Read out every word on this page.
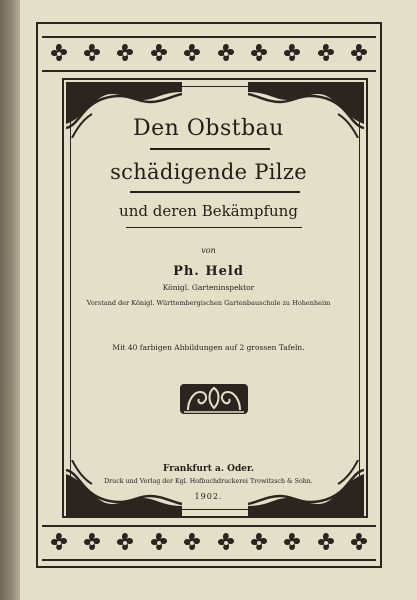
Den Obstbau
schädigende Pilze
und deren Bekämpfung
von
Ph. Held
Königl. Garteninspektor
Vorstand der Königl. Württembergischen Gartenbauschule zu Hohenheim
Mit 40 farbigen Abbildungen auf 2 grossen Tafeln.
Frankfurt a. Oder.
Druck und Verlag der Kgl. Hofbuchdruckerei Trowitzsch & Sohn.
1902.
